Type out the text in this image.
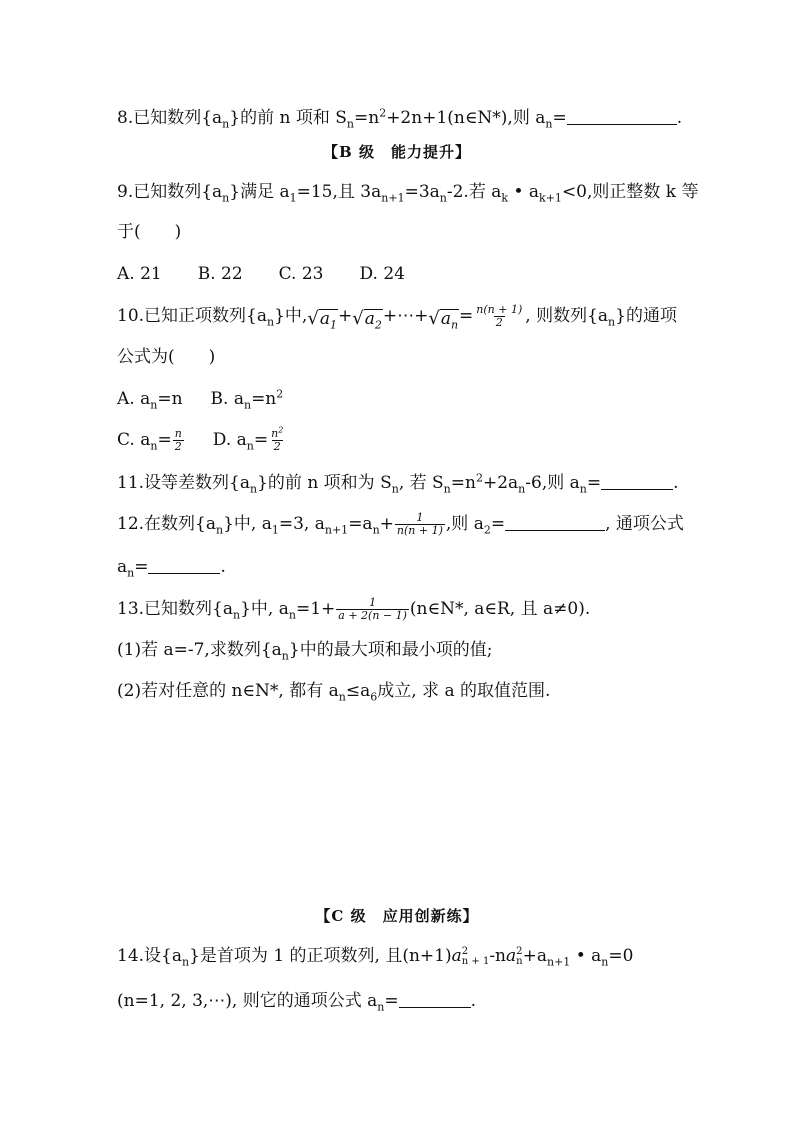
8.已知数列$\{a_n\}$的前 n 项和 $S_n=n^2+2n+1(n\in N*)$,则 $a_n=$	.
【B 级　能力提升】
9.已知数列$\{a_n\}$满足 $a_1=15$,且 $3a_{n+1}=3a_n-2$.若 $a_k$ • $a_{k+1}<0$,则正整数 k 等
于(　　)
A. 21 B. 22 C. 23 D. 24
10.已知正项数列$\{a_n\}$中, √ $a_1$ + √ $a_2$ +⋯+ √ $a_n = \frac{n(n + 1)}{2}$ , 则数列$\{a_n\}$的通项
公式为(　　)
A. $a_n=n$ B. $a_n=n^2$
C. $a_n= \frac{n}{2} D$. $a_n= \frac{n^2}{2}$
11.设等差数列$\{a_n\}$的前 n 项和为 $S_n$, 若 $S_n=n^2+2a_n-6$,则 $a_n=$	.
12.在数列$\{a_n\}$中, $a_1=3$, $a_{n+1}=a_n+ \frac{1}{n(n + 1)}$ ,则 $a_2=$	, 通项公式
$a_n=$	.
13.已知数列$\{a_n\}$中, $a_n=1+ \frac{1}{a + 2(n - 1)}$ (n∈N*, a∈R, 且 a≠0).
(1)若 a=-7,求数列$\{a_n\}$中的最大项和最小项的值;
(2)若对任意的 n∈N*, 都有 $a_n\le a_6$成立, 求 a 的取值范围.
【C 级　应用创新练】
14.设$\{a_n\}$是首项为 1 的正项数列, 且(n+1)a 2
n + 1 -na 2
$n +a_{n+1}$ • $a_n=0$
(n=1, 2, 3,⋯), 则它的通项公式 $a_n=$	.
